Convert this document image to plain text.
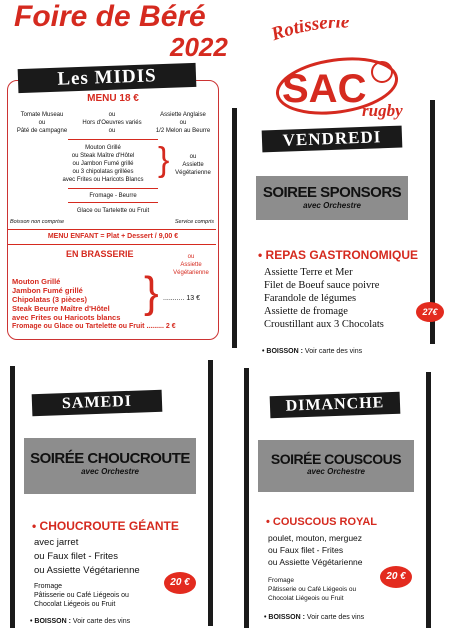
Foire de Béré
2022 Rotisserie
SAC
rugby
MENU 18 €
Tomate Museau
ou
Pâté de campagne
ou
Hors d'Oeuvres variés
ou
Assiette Anglaise
ou
1/2 Melon au Beurre
Mouton Grillé
ou Steak Maître d'Hôtel
ou Jambon Fumé grillé
ou 3 chipolatas grillées
avec Frites ou Haricots Blancs
}	ou
Assiette
Végétarienne
Fromage - Beurre
Glace ou Tartelette ou Fruit
Boisson non comprise	Service compris
MENU ENFANT = Plat + Dessert / 9,00 €
EN BRASSERIE	ou
Assiette
Végétarienne
Mouton Grillé
Jambon Fumé grillé
Chipolatas (3 pièces)
Steak Beurre Maître d'Hôtel
avec Frites ou Haricots blancs
} ........... 13 €
Fromage ou Glace ou Tartelette ou Fruit ......... 2 €
Les MIDIS
VENDREDI
SOIREE SPONSORS
avec Orchestre
• REPAS GASTRONOMIQUE
Assiette Terre et Mer
Filet de Boeuf sauce poivre
Farandole de légumes
Assiette de fromage
Croustillant aux 3 Chocolats
27€
• BOISSON : Voir carte des vins
SAMEDI
SOIRÉE CHOUCROUTE
avec Orchestre
• CHOUCROUTE GÉANTE
avec jarret
ou Faux filet - Frites
ou Assiette Végétarienne
Fromage
Pâtisserie ou Café Liégeois ou
Chocolat Liégeois ou Fruit
20 €
• BOISSON : Voir carte des vins
DIMANCHE
SOIRÉE COUSCOUS
avec Orchestre
• COUSCOUS ROYAL
poulet, mouton, merguez
ou Faux filet - Frites
ou Assiette Végétarienne
Fromage
Pâtisserie ou Café Liégeois ou
Chocolat Liégeois ou Fruit
20 €
• BOISSON : Voir carte des vins
